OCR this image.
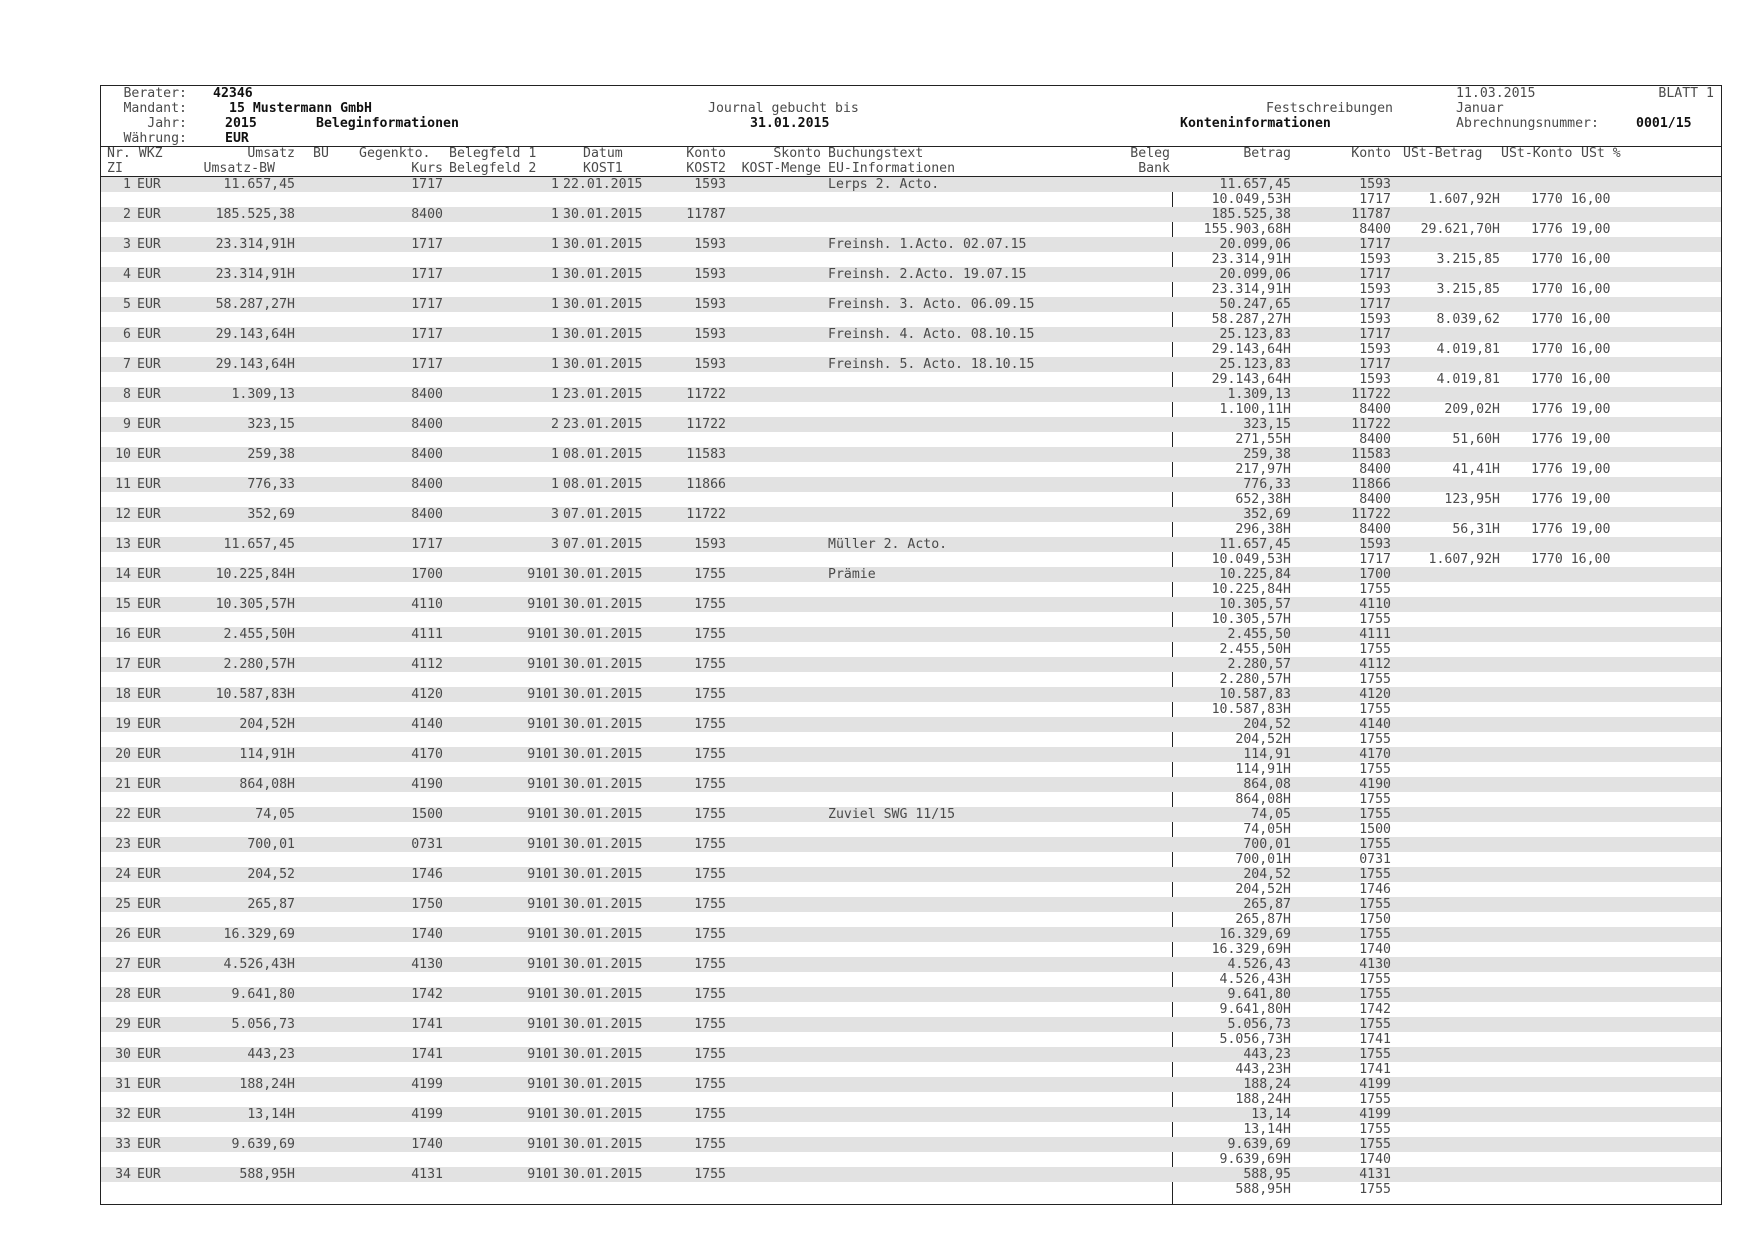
Berater: 42346
Mandant:	15 Mustermann GmbH
Jahr:	2015	Beleginformationen
Währung:	EUR
Journal gebucht bis
31.01.2015
Festschreibungen
Konteninformationen
11.03.2015	BLATT 1
Januar
Abrechnungsnummer:	0001/15
Nr. WKZ	Umsatz BU Gegenkto. Belegfeld 1	Datum	Konto	Skonto Buchungstext	Beleg	Betrag	Konto USt-Betrag USt-Konto USt %
ZI	Umsatz-BW	Kurs Belegfeld 2	KOST1	KOST2	KOST-Menge EU-Informationen	Bank
1 EUR	11.657,45	1717	1 22.01.2015	1593	Lerps 2. Acto.	11.657,45	1593
10.049,53H	1717	1.607,92H 1770 16,00
2 EUR	185.525,38	8400	1 30.01.2015	11787	185.525,38	11787
155.903,68H	8400	29.621,70H 1776 19,00
3 EUR	23.314,91H	1717	1 30.01.2015	1593	Freinsh. 1.Acto. 02.07.15	20.099,06	1717
23.314,91H	1593	3.215,85 1770 16,00
4 EUR	23.314,91H	1717	1 30.01.2015	1593	Freinsh. 2.Acto. 19.07.15	20.099,06	1717
23.314,91H	1593	3.215,85 1770 16,00
5 EUR	58.287,27H	1717	1 30.01.2015	1593	Freinsh. 3. Acto. 06.09.15	50.247,65	1717
58.287,27H	1593	8.039,62 1770 16,00
6 EUR	29.143,64H	1717	1 30.01.2015	1593	Freinsh. 4. Acto. 08.10.15	25.123,83	1717
29.143,64H	1593	4.019,81 1770 16,00
7 EUR	29.143,64H	1717	1 30.01.2015	1593	Freinsh. 5. Acto. 18.10.15	25.123,83	1717
29.143,64H	1593	4.019,81 1770 16,00
8 EUR	1.309,13	8400	1 23.01.2015	11722	1.309,13	11722
1.100,11H	8400	209,02H 1776 19,00
9 EUR	323,15	8400	2 23.01.2015	11722	323,15	11722
271,55H	8400	51,60H 1776 19,00
10 EUR	259,38	8400	1 08.01.2015	11583	259,38	11583
217,97H	8400	41,41H 1776 19,00
11 EUR	776,33	8400	1 08.01.2015	11866	776,33	11866
652,38H	8400	123,95H 1776 19,00
12 EUR	352,69	8400	3 07.01.2015	11722	352,69	11722
296,38H	8400	56,31H 1776 19,00
13 EUR	11.657,45	1717	3 07.01.2015	1593	Müller 2. Acto.	11.657,45	1593
10.049,53H	1717	1.607,92H 1770 16,00
14 EUR	10.225,84H	1700	9101 30.01.2015	1755	Prämie	10.225,84	1700
10.225,84H	1755
15 EUR	10.305,57H	4110	9101 30.01.2015	1755	10.305,57	4110
10.305,57H	1755
16 EUR	2.455,50H	4111	9101 30.01.2015	1755	2.455,50	4111
2.455,50H	1755
17 EUR	2.280,57H	4112	9101 30.01.2015	1755	2.280,57	4112
2.280,57H	1755
18 EUR	10.587,83H	4120	9101 30.01.2015	1755	10.587,83	4120
10.587,83H	1755
19 EUR	204,52H	4140	9101 30.01.2015	1755	204,52	4140
204,52H	1755
20 EUR	114,91H	4170	9101 30.01.2015	1755	114,91	4170
114,91H	1755
21 EUR	864,08H	4190	9101 30.01.2015	1755	864,08	4190
864,08H	1755
22 EUR	74,05	1500	9101 30.01.2015	1755	Zuviel SWG 11/15	74,05	1755
74,05H	1500
23 EUR	700,01	0731	9101 30.01.2015	1755	700,01	1755
700,01H	0731
24 EUR	204,52	1746	9101 30.01.2015	1755	204,52	1755
204,52H	1746
25 EUR	265,87	1750	9101 30.01.2015	1755	265,87	1755
265,87H	1750
26 EUR	16.329,69	1740	9101 30.01.2015	1755	16.329,69	1755
16.329,69H	1740
27 EUR	4.526,43H	4130	9101 30.01.2015	1755	4.526,43	4130
4.526,43H	1755
28 EUR	9.641,80	1742	9101 30.01.2015	1755	9.641,80	1755
9.641,80H	1742
29 EUR	5.056,73	1741	9101 30.01.2015	1755	5.056,73	1755
5.056,73H	1741
30 EUR	443,23	1741	9101 30.01.2015	1755	443,23	1755
443,23H	1741
31 EUR	188,24H	4199	9101 30.01.2015	1755	188,24	4199
188,24H	1755
32 EUR	13,14H	4199	9101 30.01.2015	1755	13,14	4199
13,14H	1755
33 EUR	9.639,69	1740	9101 30.01.2015	1755	9.639,69	1755
9.639,69H	1740
34 EUR	588,95H	4131	9101 30.01.2015	1755	588,95	4131
588,95H	1755
